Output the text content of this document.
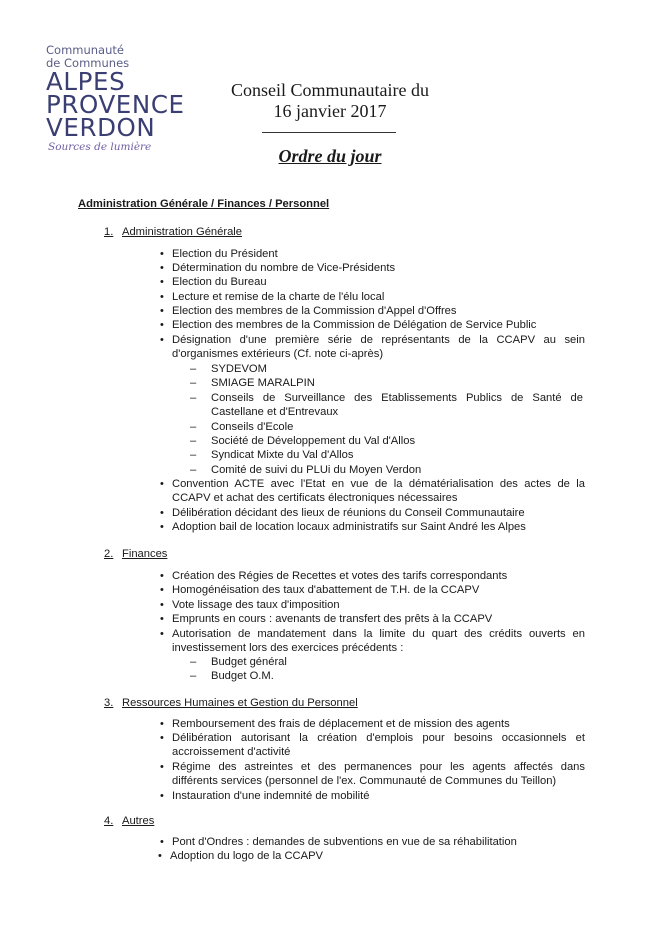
Communauté
de Communes
ALPES
PROVENCE
VERDON
Sources de lumière
Conseil Communautaire du
16 janvier 2017
Ordre du jour
Administration Générale / Finances / Personnel
1. Administration Générale
• Election du Président
• Détermination du nombre de Vice-Présidents
• Election du Bureau
• Lecture et remise de la charte de l'élu local
• Election des membres de la Commission d'Appel d'Offres
• Election des membres de la Commission de Délégation de Service Public
• Désignation d'une première série de représentants de la CCAPV au sein d'organismes extérieurs (Cf. note ci-après)
– SYDEVOM
– SMIAGE MARALPIN
– Conseils de Surveillance des Etablissements Publics de Santé de Castellane et d'Entrevaux
– Conseils d'Ecole
– Société de Développement du Val d'Allos
– Syndicat Mixte du Val d'Allos
– Comité de suivi du PLUi du Moyen Verdon
• Convention ACTE avec l'Etat en vue de la dématérialisation des actes de la CCAPV et achat des certificats électroniques nécessaires
• Délibération décidant des lieux de réunions du Conseil Communautaire
• Adoption bail de location locaux administratifs sur Saint André les Alpes
2. Finances
• Création des Régies de Recettes et votes des tarifs correspondants
• Homogénéisation des taux d'abattement de T.H. de la CCAPV
• Vote lissage des taux d'imposition
• Emprunts en cours : avenants de transfert des prêts à la CCAPV
• Autorisation de mandatement dans la limite du quart des crédits ouverts en investissement lors des exercices précédents :
– Budget général
– Budget O.M.
3. Ressources Humaines et Gestion du Personnel
• Remboursement des frais de déplacement et de mission des agents
• Délibération autorisant la création d'emplois pour besoins occasionnels et accroissement d'activité
• Régime des astreintes et des permanences pour les agents affectés dans différents services (personnel de l'ex. Communauté de Communes du Teillon)
• Instauration d'une indemnité de mobilité
4. Autres
• Pont d'Ondres : demandes de subventions en vue de sa réhabilitation
• Adoption du logo de la CCAPV
